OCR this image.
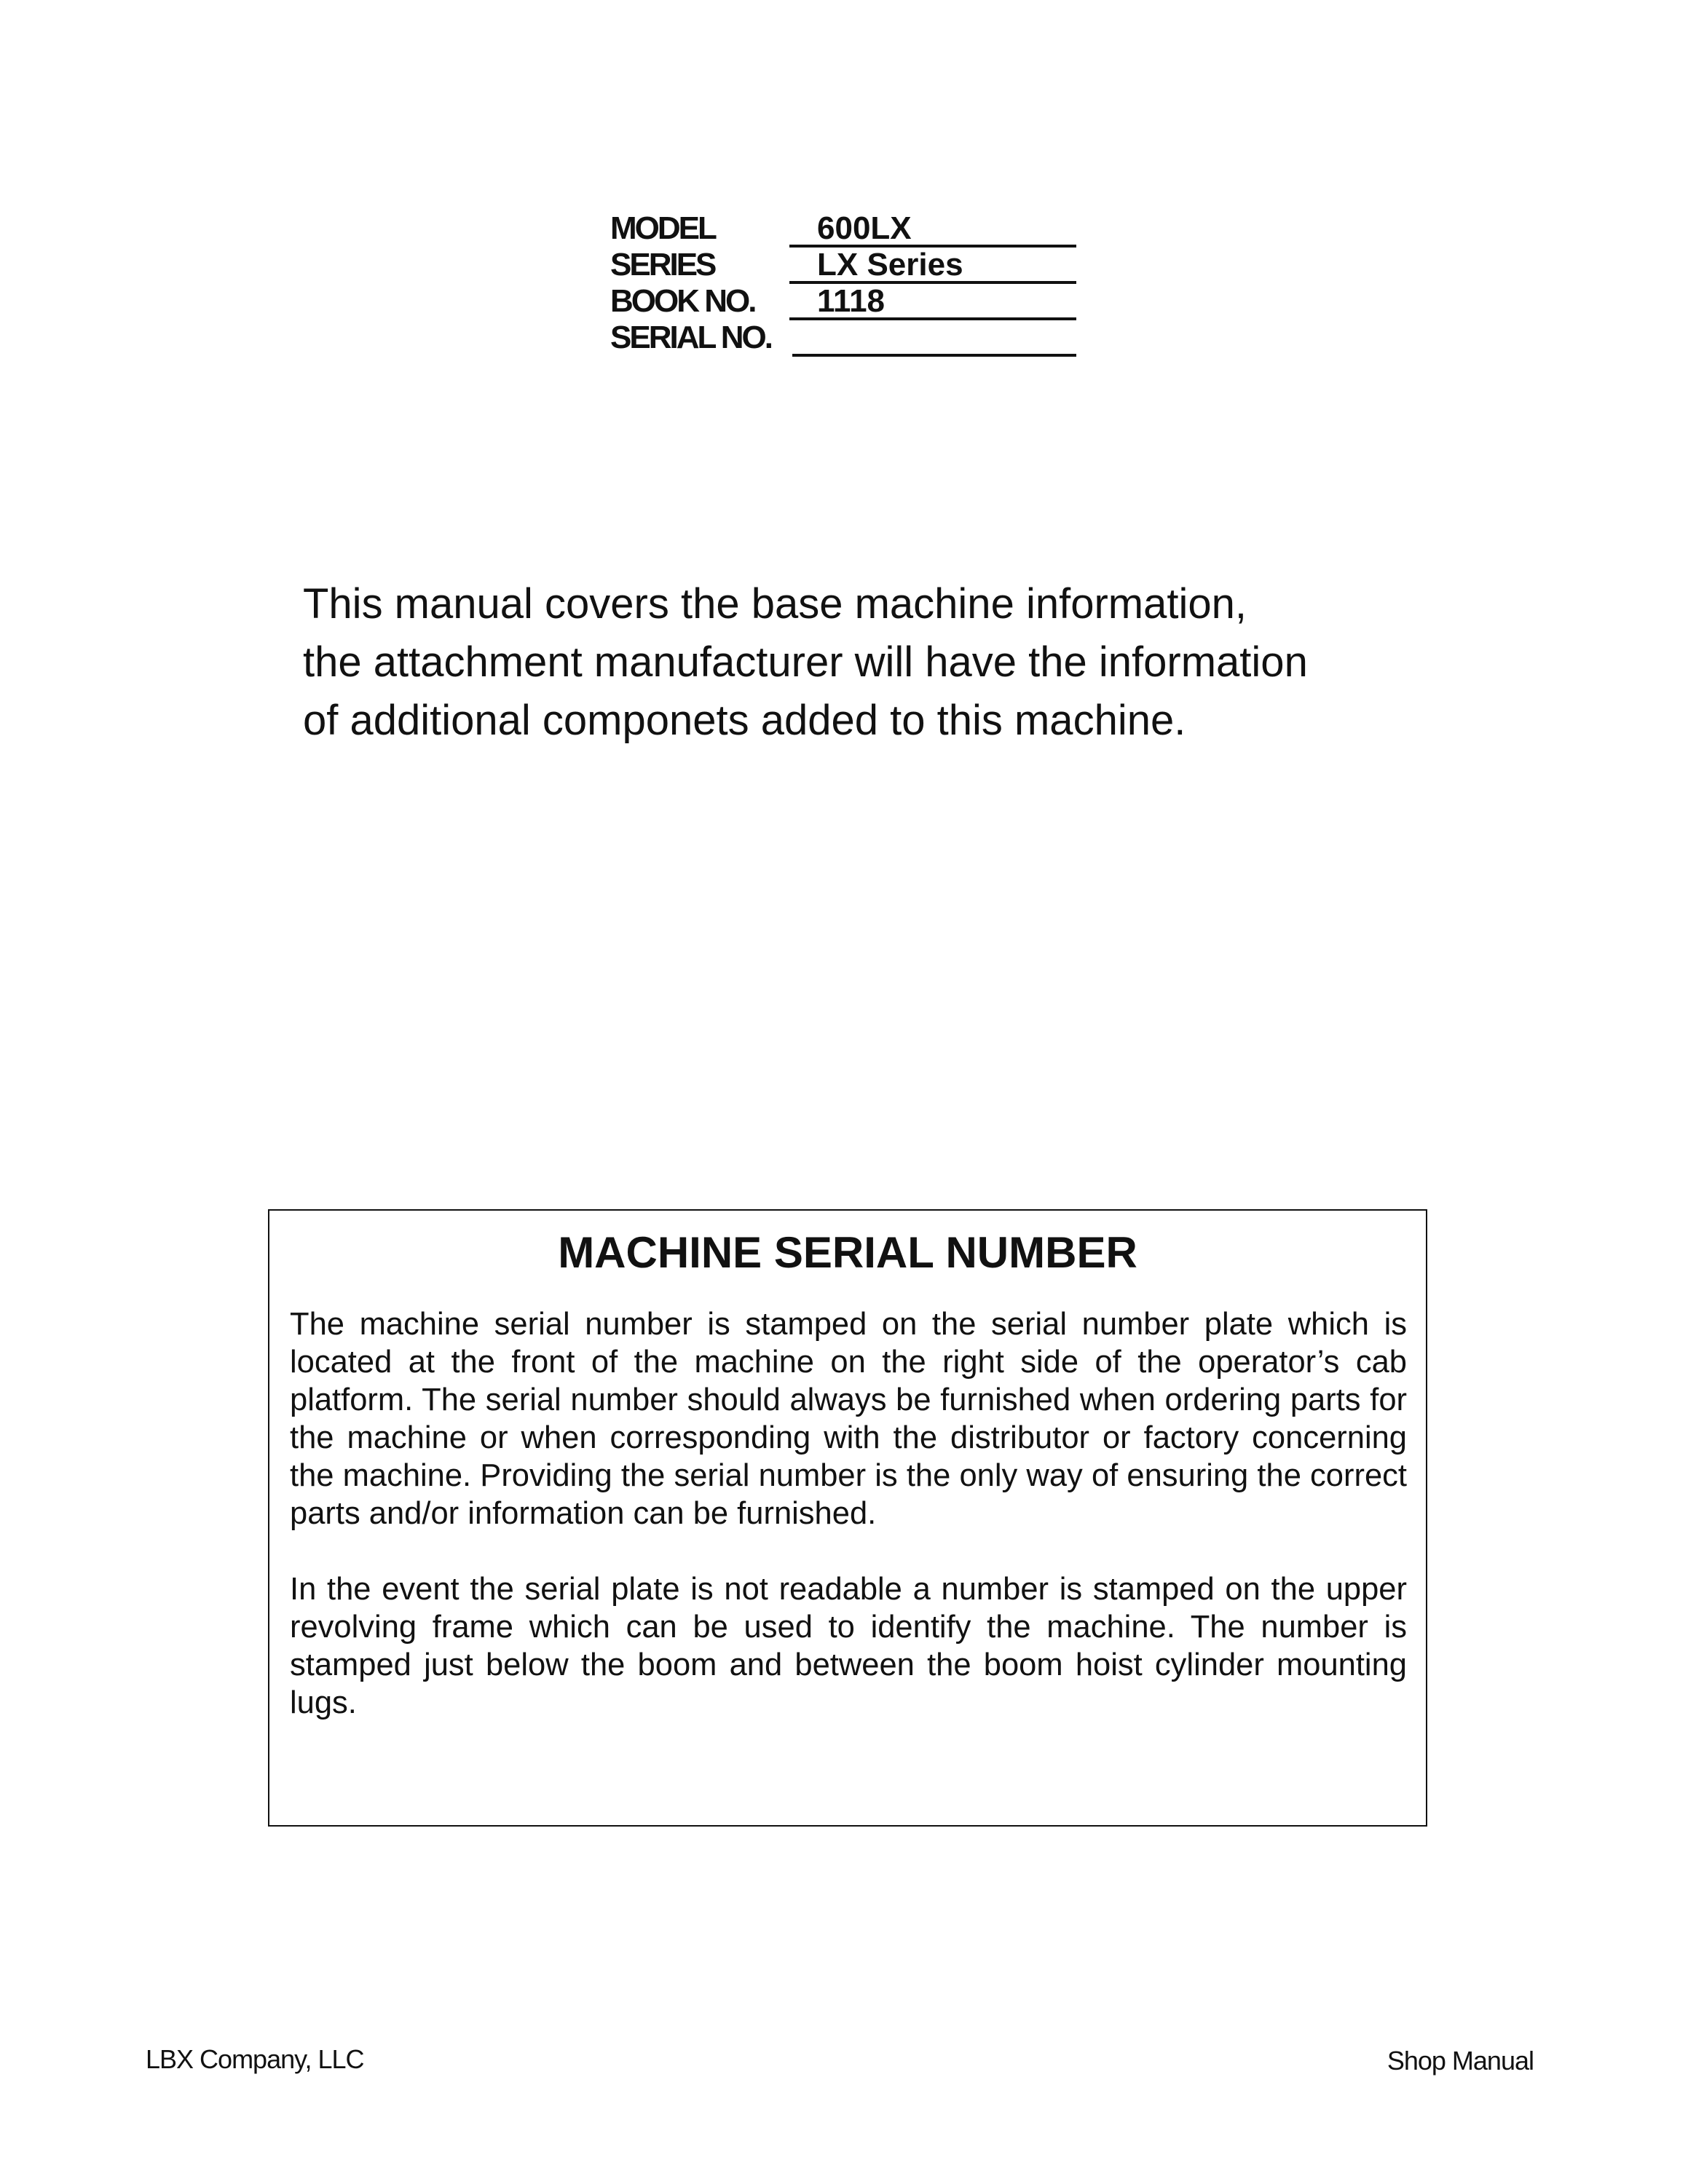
MODEL	600LX
SERIES	LX Series
BOOK NO. 1118
SERIAL NO.
This manual covers the base machine information,
the attachment manufacturer will have the information
of additional componets added to this machine.
MACHINE SERIAL NUMBER

The machine serial number is stamped on the serial number plate which is located at the front of the machine on the right side of the operator’s cab platform. The serial number should always be furnished when ordering parts for the machine or when corresponding with the distributor or factory concerning the machine. Providing the serial number is the only way of ensuring the correct parts and/or information can be furnished.

In the event the serial plate is not readable a number is stamped on the upper revolving frame which can be used to identify the machine. The number is stamped just below the boom and between the boom hoist cylinder mounting lugs.

LBX Company, LLC	Shop Manual
